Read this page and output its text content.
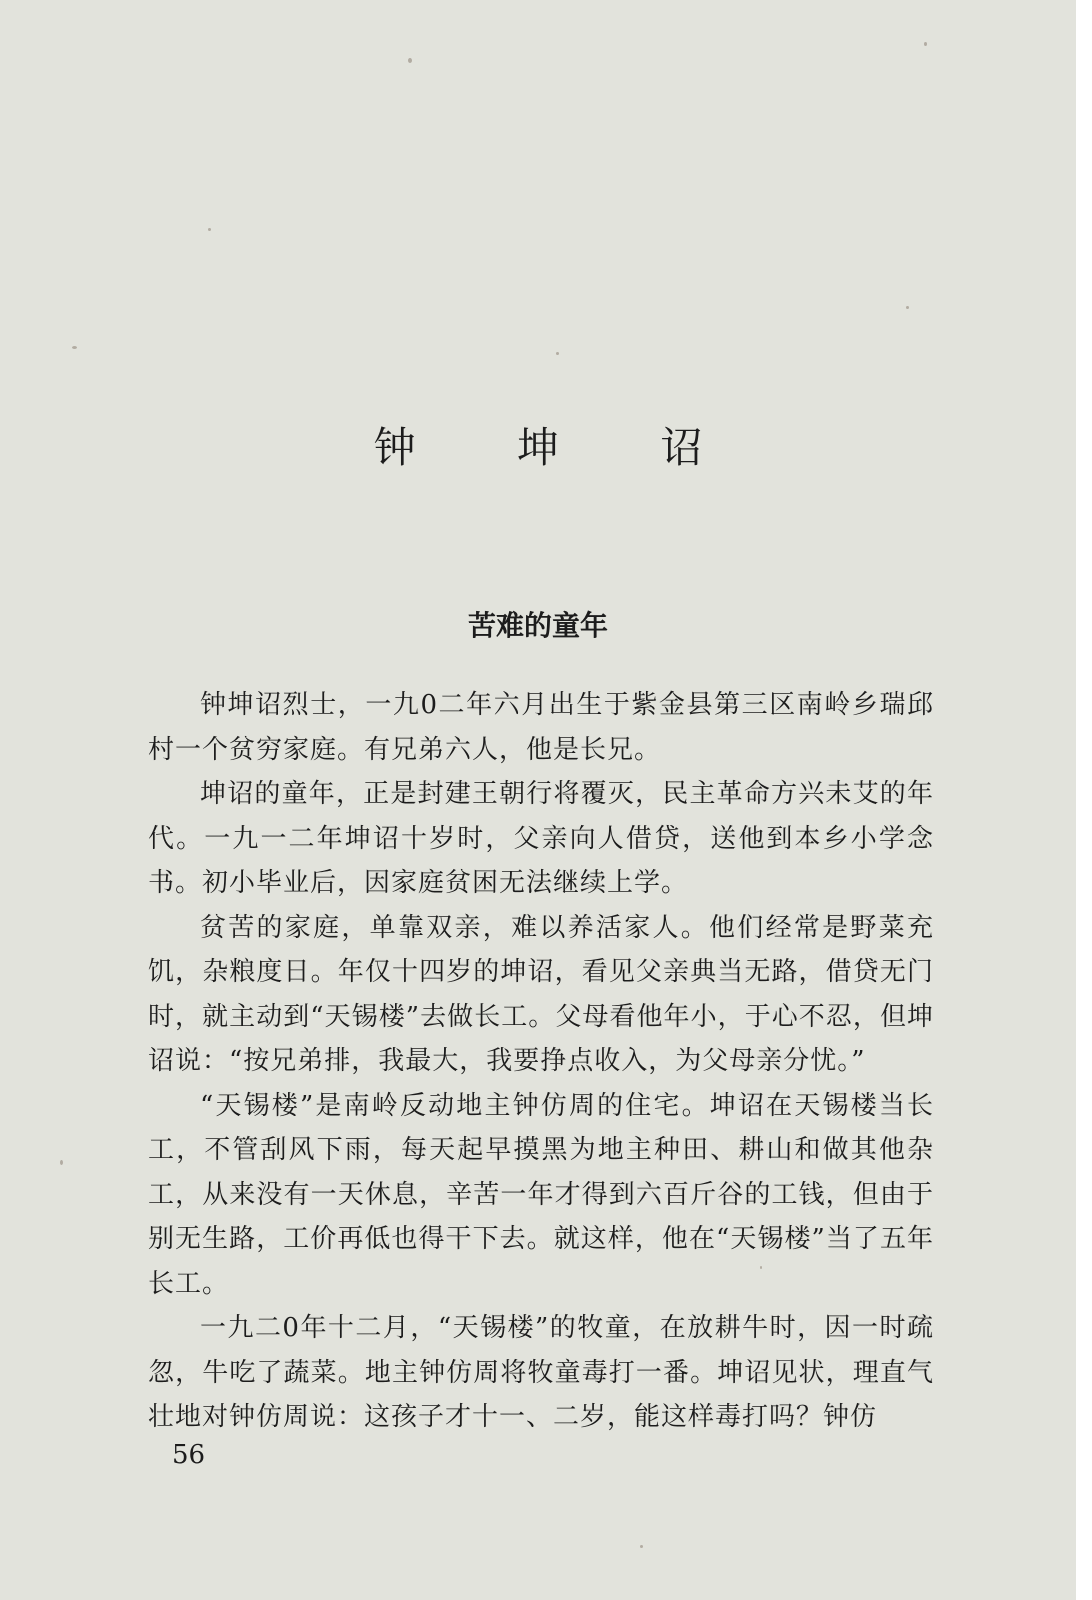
钟 坤 诏
苦难的童年

钟坤诏烈士，一九0二年六月出生于紫金县第三区南岭乡瑞邱村一个贫穷家庭。有兄弟六人，他是长兄。

坤诏的童年，正是封建王朝行将覆灭，民主革命方兴未艾的年代。一九一二年坤诏十岁时，父亲向人借贷，送他到本乡小学念书。初小毕业后，因家庭贫困无法继续上学。

贫苦的家庭，单靠双亲，难以养活家人。他们经常是野菜充饥，杂粮度日。年仅十四岁的坤诏，看见父亲典当无路，借贷无门时，就主动到“天锡楼”去做长工。父母看他年小，于心不忍，但坤诏说：“按兄弟排，我最大，我要挣点收入，为父母亲分忧。”

“天锡楼”是南岭反动地主钟仿周的住宅。坤诏在天锡楼当长工，不管刮风下雨，每天起早摸黑为地主种田、耕山和做其他杂工，从来没有一天休息，辛苦一年才得到六百斤谷的工钱，但由于别无生路，工价再低也得干下去。就这样，他在“天锡楼”当了五年长工。

一九二0年十二月，“天锡楼”的牧童，在放耕牛时，因一时疏忽，牛吃了蔬菜。地主钟仿周将牧童毒打一番。坤诏见状，理直气壮地对钟仿周说：这孩子才十一、二岁，能这样毒打吗？钟仿

56
